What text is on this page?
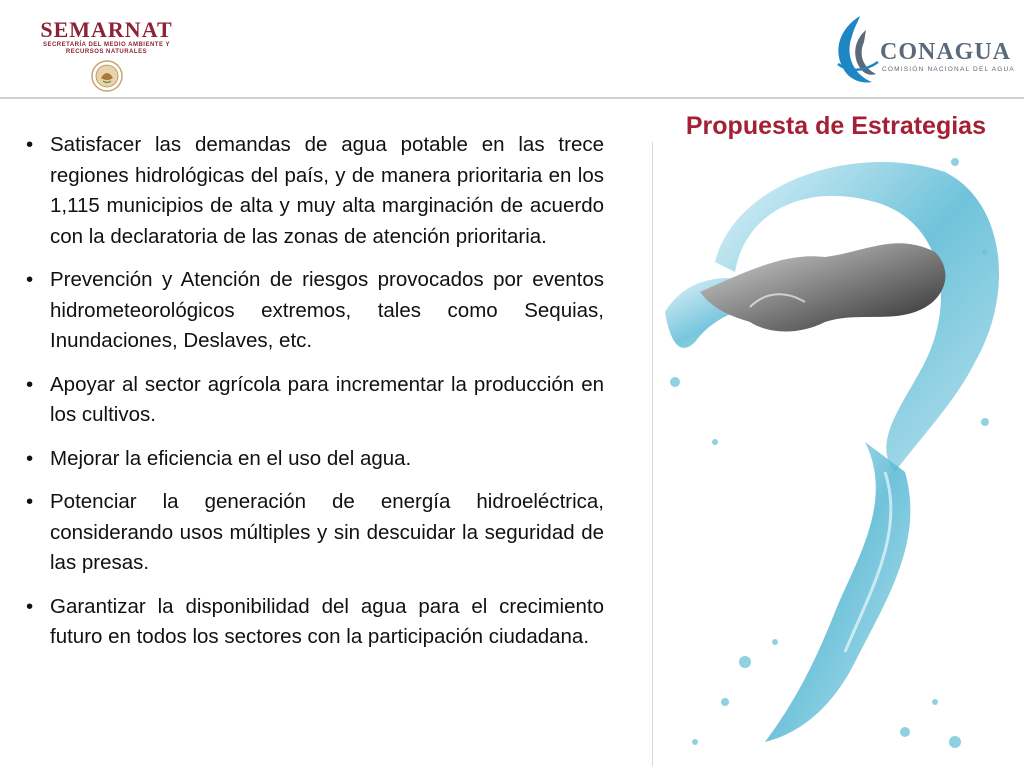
SEMARNAT
SECRETARÍA DEL MEDIO AMBIENTE Y
RECURSOS NATURALES	CONAGUA
COMISIÓN NACIONAL DEL AGUA
Propuesta de Estrategias
• Satisfacer las demandas de agua potable en las trece regiones hidrológicas del país, y de manera prioritaria en los 1,115 municipios de alta y muy alta marginación de acuerdo con la declaratoria de las zonas de atención prioritaria.
• Prevención y Atención de riesgos provocados por eventos hidrometeorológicos extremos, tales como Sequias, Inundaciones, Deslaves, etc.
• Apoyar al sector agrícola para incrementar la producción en los cultivos.
• Mejorar la eficiencia en el uso del agua.
• Potenciar la generación de energía hidroeléctrica, considerando usos múltiples y sin descuidar la seguridad de las presas.
• Garantizar la disponibilidad del agua para el crecimiento futuro en todos los sectores con la participación ciudadana.
